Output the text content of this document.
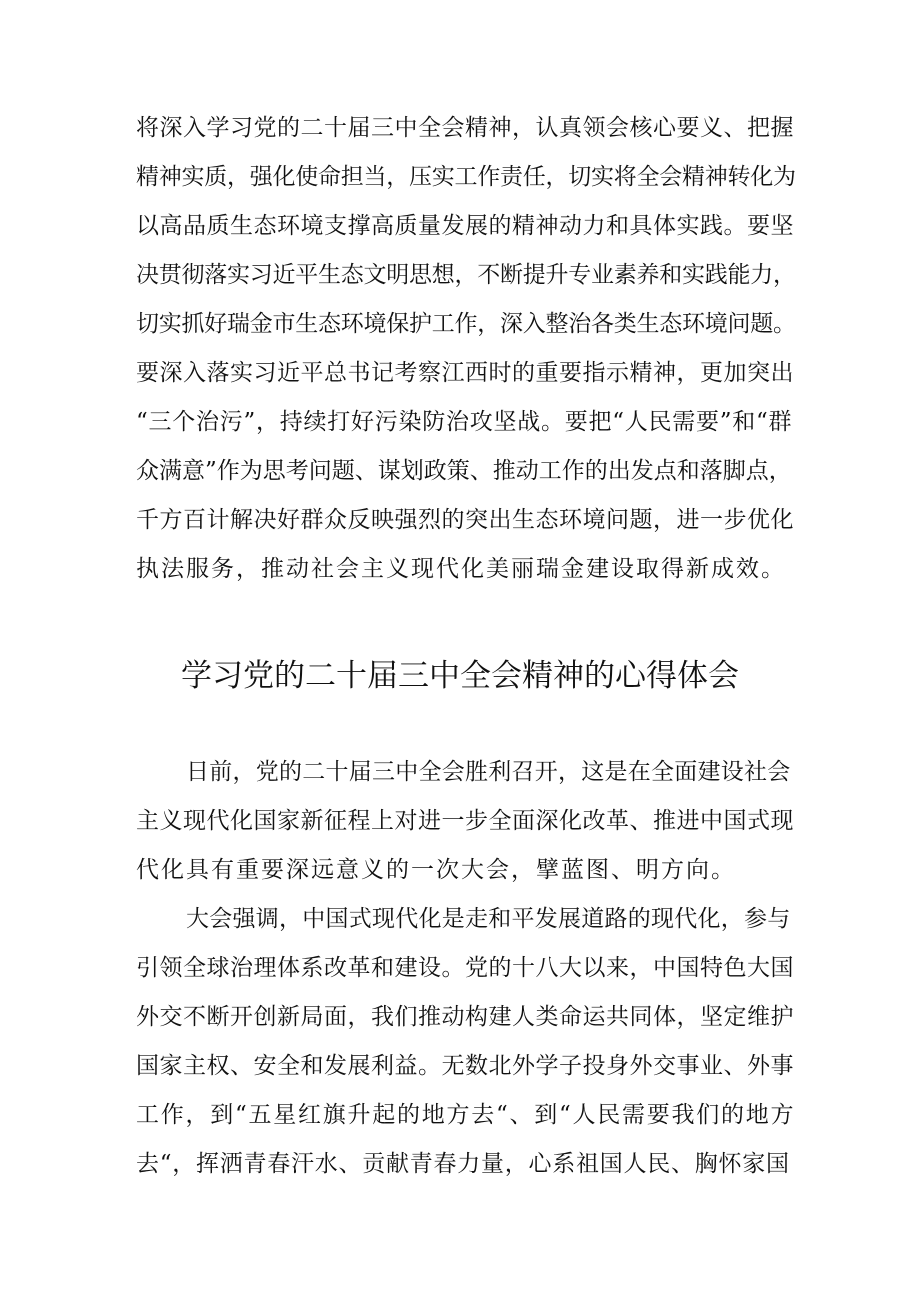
将深入学习党的二十届三中全会精神，认真领会核心要义、把握
精神实质，强化使命担当，压实工作责任，切实将全会精神转化为
以高品质生态环境支撑高质量发展的精神动力和具体实践。要坚
决贯彻落实习近平生态文明思想，不断提升专业素养和实践能力，
切实抓好瑞金市生态环境保护工作，深入整治各类生态环境问题。
要深入落实习近平总书记考察江西时的重要指示精神，更加突出
“三个治污”，持续打好污染防治攻坚战。要把“人民需要”和“群
众满意”作为思考问题、谋划政策、推动工作的出发点和落脚点，
千方百计解决好群众反映强烈的突出生态环境问题，进一步优化
执法服务，推动社会主义现代化美丽瑞金建设取得新成效。
学习党的二十届三中全会精神的心得体会
日前，党的二十届三中全会胜利召开，这是在全面建设社会
主义现代化国家新征程上对进一步全面深化改革、推进中国式现
代化具有重要深远意义的一次大会，擘蓝图、明方向。
大会强调，中国式现代化是走和平发展道路的现代化，参与
引领全球治理体系改革和建设。党的十八大以来，中国特色大国
外交不断开创新局面，我们推动构建人类命运共同体，坚定维护
国家主权、安全和发展利益。无数北外学子投身外交事业、外事
工作，到“五星红旗升起的地方去“、到“人民需要我们的地方
去“，挥洒青春汗水、贡献青春力量，心系祖国人民、胸怀家国
